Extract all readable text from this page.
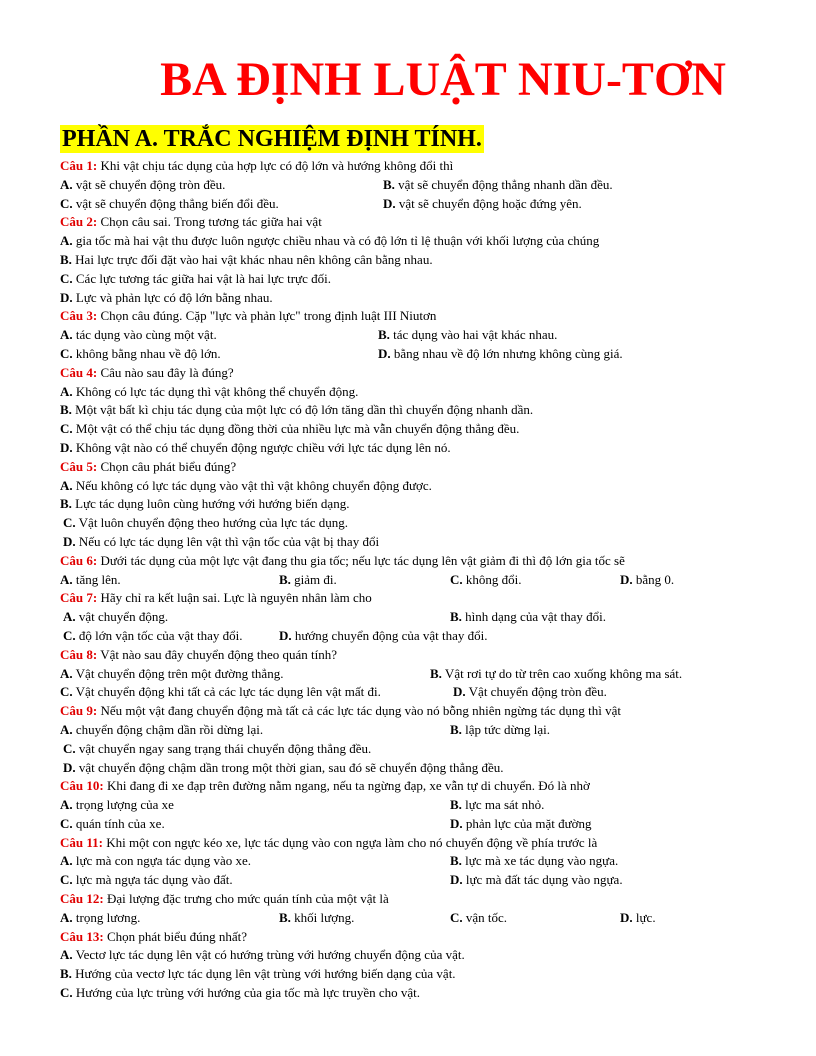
BA ĐỊNH LUẬT NIU-TƠN
PHẦN A. TRẮC NGHIỆM ĐỊNH TÍNH.
Câu 1: Khi vật chịu tác dụng của hợp lực có độ lớn và hướng không đổi thì
A. vật sẽ chuyển động tròn đều.	B. vật sẽ chuyển động thẳng nhanh dần đều.
C. vật sẽ chuyển động thẳng biến đổi đều.	D. vật sẽ chuyển động hoặc đứng yên.
Câu 2: Chọn câu sai. Trong tương tác giữa hai vật
A. gia tốc mà hai vật thu được luôn ngược chiều nhau và có độ lớn tỉ lệ thuận với khối lượng của chúng
B. Hai lực trực đối đặt vào hai vật khác nhau nên không cân bằng nhau.
C. Các lực tương tác giữa hai vật là hai lực trực đối.
D. Lực và phản lực có độ lớn bằng nhau.
Câu 3: Chọn câu đúng. Cặp "lực và phản lực" trong định luật III Niutơn
A. tác dụng vào cùng một vật.	B. tác dụng vào hai vật khác nhau.
C. không bằng nhau về độ lớn.	D. bằng nhau về độ lớn nhưng không cùng giá.
Câu 4: Câu nào sau đây là đúng?
A. Không có lực tác dụng thì vật không thể chuyển động.
B. Một vật bất kì chịu tác dụng của một lực có độ lớn tăng dần thì chuyển động nhanh dần.
C. Một vật có thể chịu tác dụng đồng thời của nhiều lực mà vẫn chuyển động thẳng đều.
D. Không vật nào có thể chuyển động ngược chiều với lực tác dụng lên nó.
Câu 5: Chọn câu phát biểu đúng?
A. Nếu không có lực tác dụng vào vật thì vật không chuyển động được.
B. Lực tác dụng luôn cùng hướng với hướng biến dạng.
C. Vật luôn chuyển động theo hướng của lực tác dụng.
D. Nếu có lực tác dụng lên vật thì vận tốc của vật bị thay đổi
Câu 6: Dưới tác dụng của một lực vật đang thu gia tốc; nếu lực tác dụng lên vật giảm đi thì độ lớn gia tốc sẽ
A. tăng lên.	B. giảm đi.	C. không đổi.	D. bằng 0.
Câu 7: Hãy chỉ ra kết luận sai. Lực là nguyên nhân làm cho
A. vật chuyển động.	B. hình dạng của vật thay đổi.
C. độ lớn vận tốc của vật thay đổi.	D. hướng chuyển động của vật thay đổi.
Câu 8: Vật nào sau đây chuyển động theo quán tính?
A. Vật chuyển động trên một đường thẳng.	B. Vật rơi tự do từ trên cao xuống không ma sát.
C. Vật chuyển động khi tất cả các lực tác dụng lên vật mất đi.	D. Vật chuyển động tròn đều.
Câu 9: Nếu một vật đang chuyển động mà tất cả các lực tác dụng vào nó bỗng nhiên ngừng tác dụng thì vật
A. chuyển động chậm dần rồi dừng lại.	B. lập tức dừng lại.
C. vật chuyển ngay sang trạng thái chuyển động thẳng đều.
D. vật chuyển động chậm dần trong một thời gian, sau đó sẽ chuyển động thẳng đều.
Câu 10: Khi đang đi xe đạp trên đường nằm ngang, nếu ta ngừng đạp, xe vẫn tự di chuyển. Đó là nhờ
A. trọng lượng của xe	B. lực ma sát nhỏ.
C. quán tính của xe.	D. phản lực của mặt đường
Câu 11: Khi một con ngực kéo xe, lực tác dụng vào con ngựa làm cho nó chuyển động về phía trước là
A. lực mà con ngựa tác dụng vào xe.	B. lực mà xe tác dụng vào ngựa.
C. lực mà ngựa tác dụng vào đất.	D. lực mà đất tác dụng vào ngựa.
Câu 12: Đại lượng đặc trưng cho mức quán tính của một vật là
A. trọng lương.	B. khối lượng.	C. vận tốc.	D. lực.
Câu 13: Chọn phát biểu đúng nhất?
A. Vectơ lực tác dụng lên vật có hướng trùng với hướng chuyển động của vật.
B. Hướng của vectơ lực tác dụng lên vật trùng với hướng biến dạng của vật.
C. Hướng của lực trùng với hướng của gia tốc mà lực truyền cho vật.
